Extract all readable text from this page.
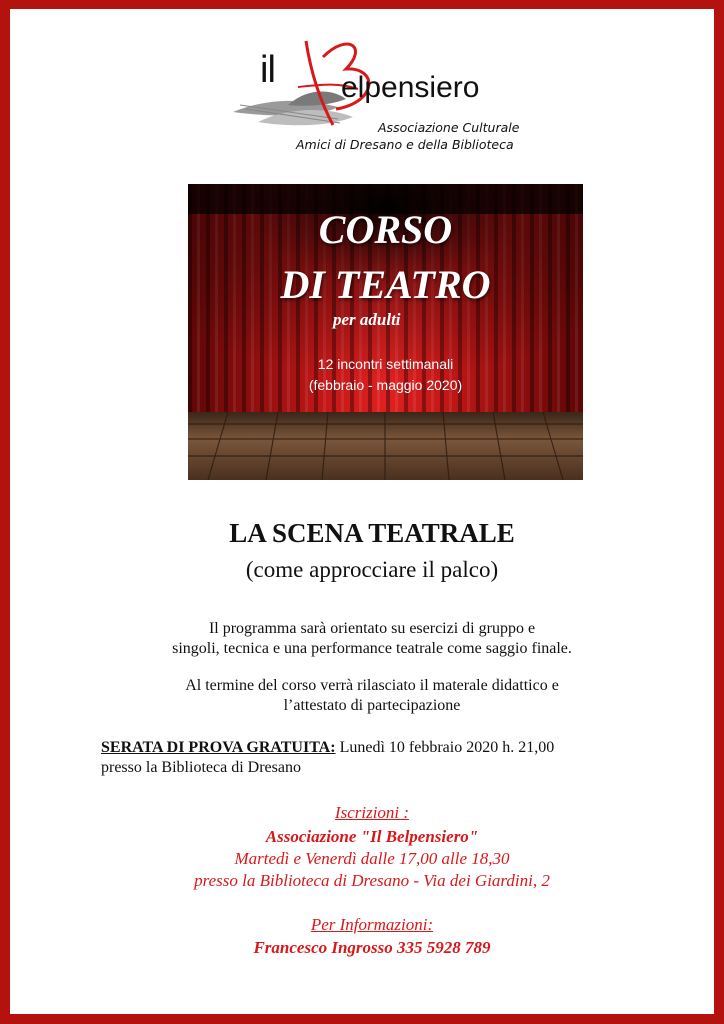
il elpensiero
Associazione Culturale
Amici di Dresano e della Biblioteca
CORSO
DI TEATRO
per adulti
12 incontri settimanali
(febbraio - maggio 2020)
LA SCENA TEATRALE
(come approcciare il palco)
Il programma sarà orientato su esercizi di gruppo e
singoli, tecnica e una performance teatrale come saggio finale.
Al termine del corso verrà rilasciato il materale didattico e
l’attestato di partecipazione
SERATA DI PROVA GRATUITA: Lunedì 10 febbraio 2020 h. 21,00
presso la Biblioteca di Dresano
Iscrizioni :
Associazione "Il Belpensiero"
Martedì e Venerdì dalle 17,00 alle 18,30
presso la Biblioteca di Dresano - Via dei Giardini, 2
Per Informazioni:
Francesco Ingrosso 335 5928 789
